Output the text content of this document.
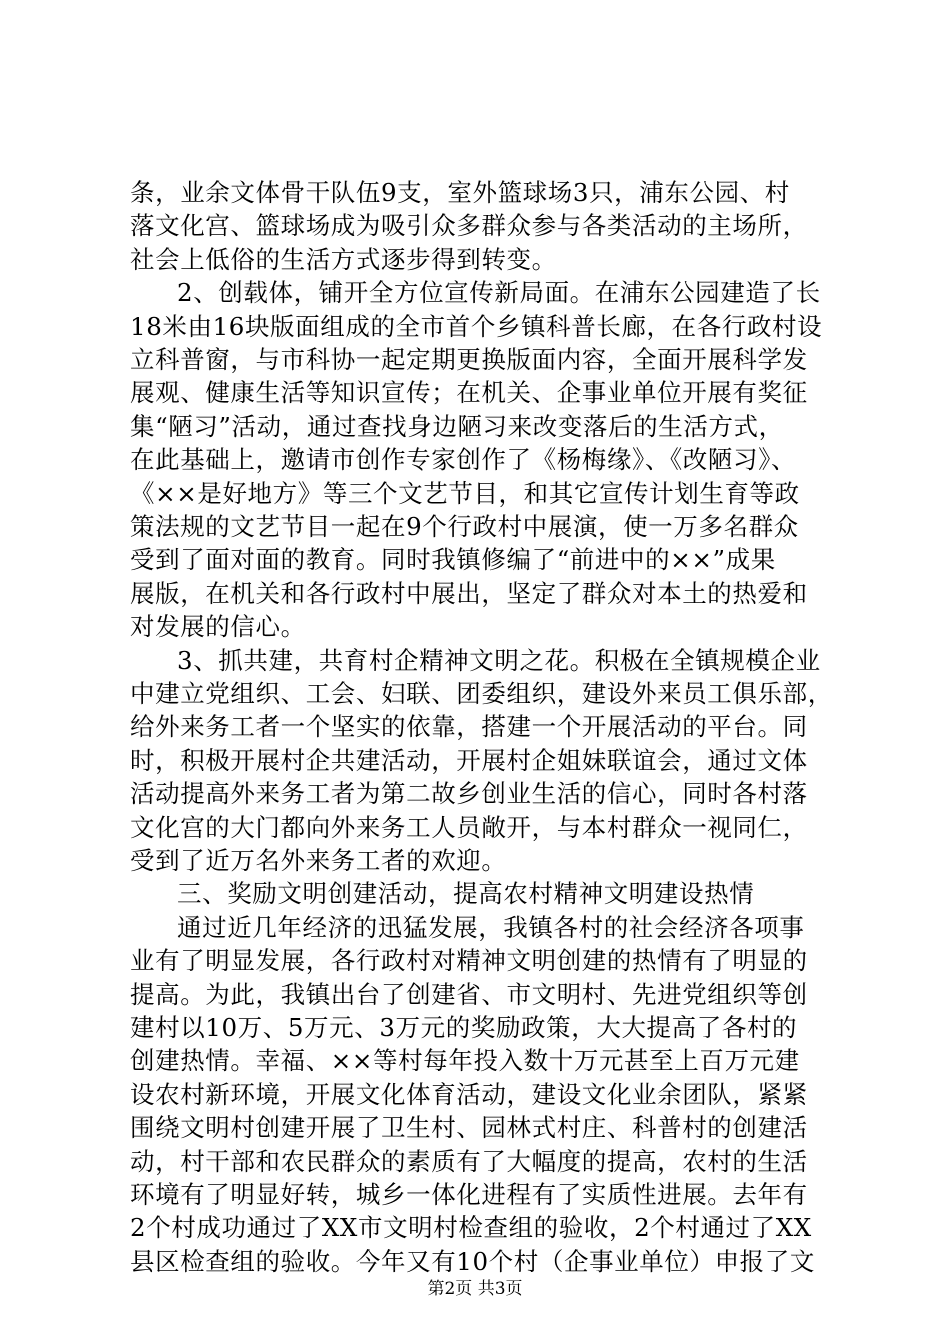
条，业余文体骨干队伍9支，室外篮球场3只，浦东公园、村
落文化宫、篮球场成为吸引众多群众参与各类活动的主场所，
社会上低俗的生活方式逐步得到转变。
2、创载体，铺开全方位宣传新局面。在浦东公园建造了长
18米由16块版面组成的全市首个乡镇科普长廊，在各行政村设
立科普窗，与市科协一起定期更换版面内容，全面开展科学发
展观、健康生活等知识宣传；在机关、企事业单位开展有奖征
集“陋习”活动，通过查找身边陋习来改变落后的生活方式，
在此基础上，邀请市创作专家创作了《杨梅缘》、《改陋习》、
《××是好地方》等三个文艺节目，和其它宣传计划生育等政
策法规的文艺节目一起在9个行政村中展演，使一万多名群众
受到了面对面的教育。同时我镇修编了“前进中的××”成果
展版，在机关和各行政村中展出，坚定了群众对本土的热爱和
对发展的信心。
3、抓共建，共育村企精神文明之花。积极在全镇规模企业
中建立党组织、工会、妇联、团委组织，建设外来员工俱乐部，
给外来务工者一个坚实的依靠，搭建一个开展活动的平台。同
时，积极开展村企共建活动，开展村企姐妹联谊会，通过文体
活动提高外来务工者为第二故乡创业生活的信心，同时各村落
文化宫的大门都向外来务工人员敞开，与本村群众一视同仁，
受到了近万名外来务工者的欢迎。
三、奖励文明创建活动，提高农村精神文明建设热情
通过近几年经济的迅猛发展，我镇各村的社会经济各项事
业有了明显发展，各行政村对精神文明创建的热情有了明显的
提高。为此，我镇出台了创建省、市文明村、先进党组织等创
建村以10万、5万元、3万元的奖励政策，大大提高了各村的
创建热情。幸福、××等村每年投入数十万元甚至上百万元建
设农村新环境，开展文化体育活动，建设文化业余团队，紧紧
围绕文明村创建开展了卫生村、园林式村庄、科普村的创建活
动，村干部和农民群众的素质有了大幅度的提高，农村的生活
环境有了明显好转，城乡一体化进程有了实质性进展。去年有
2个村成功通过了XX市文明村检查组的验收，2个村通过了XX
县区检查组的验收。今年又有10个村（企事业单位）申报了文
第2页 共3页
